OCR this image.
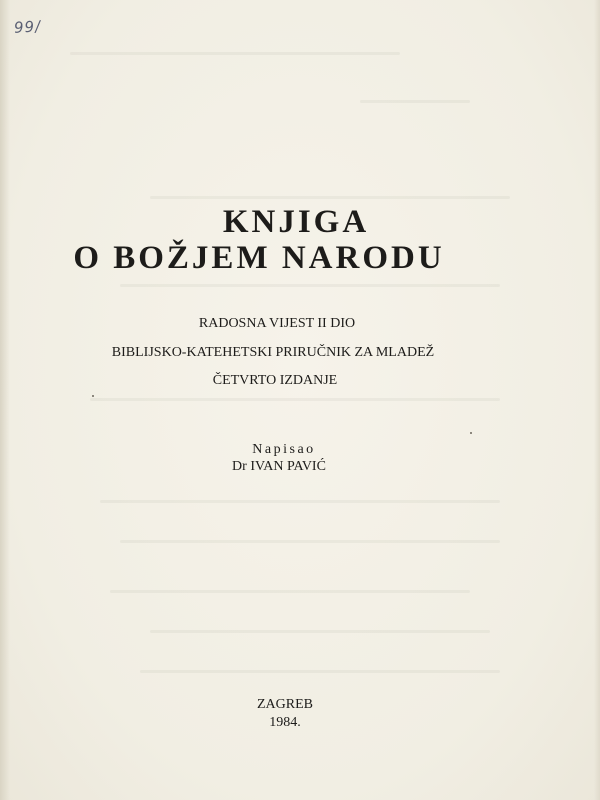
99/
KNJIGA
O BOŽJEM NARODU

RADOSNA VIJEST II DIO

BIBLIJSKO-KATEHETSKI PRIRUČNIK ZA MLADEŽ

ČETVRTO IZDANJE

Napisao

Dr IVAN PAVIĆ

ZAGREB

1984.
